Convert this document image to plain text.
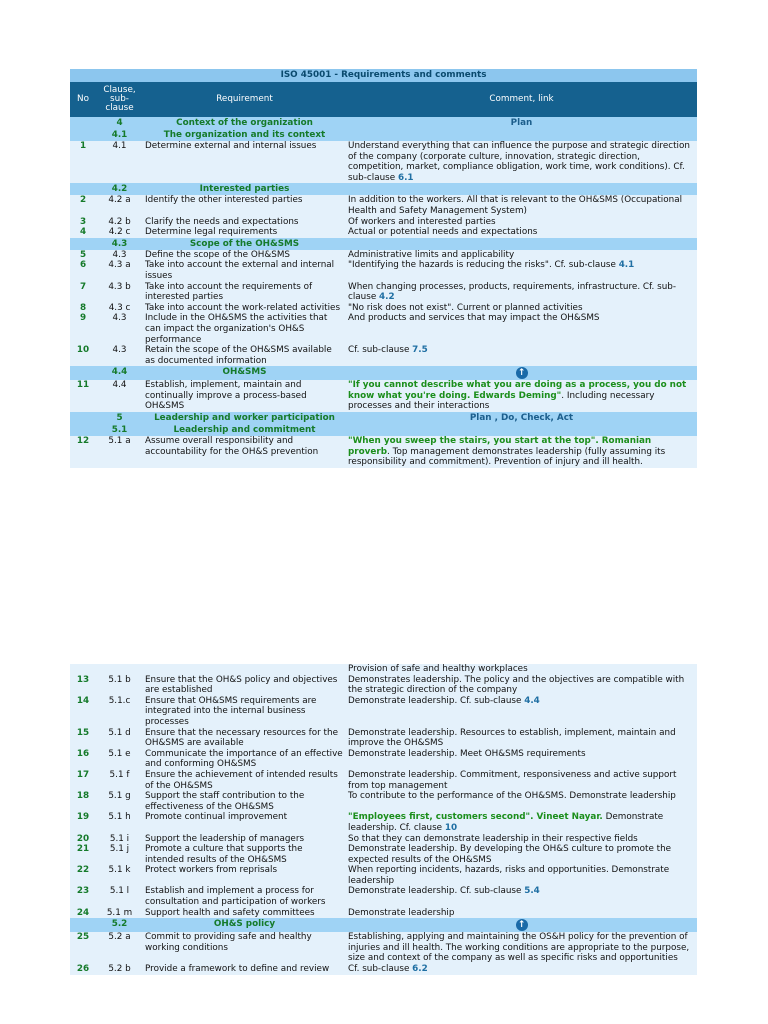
ISO 45001 - Requirements and comments			
No	Clause, sub- clause	Requirement	Comment, link
	4	Context of the organization	Plan
	4.1	The organization and its context	
1	4.1	Determine external and internal issues	Understand everything that can influence the purpose and strategic direction of the company (corporate culture, innovation, strategic direction, competition, market, compliance obligation, work time, work conditions). Cf. sub-clause 6.1
	4.2	Interested parties	
2	4.2 a	Identify the other interested parties	In addition to the workers. All that is relevant to the OH&SMS (Occupational Health and Safety Management System)
3	4.2 b	Clarify the needs and expectations	Of workers and interested parties
4	4.2 c	Determine legal requirements	Actual or potential needs and expectations
	4.3	Scope of the OH&SMS	
5	4.3	Define the scope of the OH&SMS	Administrative limits and applicability
6	4.3 a	Take into account the external and internal issues	"Identifying the hazards is reducing the risks". Cf. sub-clause 4.1
7	4.3 b	Take into account the requirements of interested parties	When changing processes, products, requirements, infrastructure. Cf. sub-clause 4.2
8	4.3 c	Take into account the work-related activities	"No risk does not exist". Current or planned activities
9	4.3	Include in the OH&SMS the activities that can impact the organization's OH&S performance	And products and services that may impact the OH&SMS
10	4.3	Retain the scope of the OH&SMS available as documented information	Cf. sub-clause 7.5
	4.4	OH&SMS	↑
11	4.4	Establish, implement, maintain and continually improve a process-based OH&SMS	"If you cannot describe what you are doing as a process, you do not know what you're doing. Edwards Deming". Including necessary processes and their interactions
	5	Leadership and worker participation	Plan , Do, Check, Act
	5.1	Leadership and commitment	
12	5.1 a	Assume overall responsibility and accountability for the OH&S prevention	"When you sweep the stairs, you start at the top". Romanian proverb. Top management demonstrates leadership (fully assuming its responsibility and commitment). Prevention of injury and ill health.
			Provision of safe and healthy workplaces
13	5.1 b	Ensure that the OH&S policy and objectives are established	Demonstrates leadership. The policy and the objectives are compatible with the strategic direction of the company
14	5.1.c	Ensure that OH&SMS requirements are integrated into the internal business processes	Demonstrate leadership. Cf. sub-clause 4.4
15	5.1 d	Ensure that the necessary resources for the OH&SMS are available	Demonstrate leadership. Resources to establish, implement, maintain and improve the OH&SMS
16	5.1 e	Communicate the importance of an effective and conforming OH&SMS	Demonstrate leadership. Meet OH&SMS requirements
17	5.1 f	Ensure the achievement of intended results of the OH&SMS	Demonstrate leadership. Commitment, responsiveness and active support from top management
18	5.1 g	Support the staff contribution to the effectiveness of the OH&SMS	To contribute to the performance of the OH&SMS. Demonstrate leadership
19	5.1 h	Promote continual improvement	"Employees first, customers second". Vineet Nayar. Demonstrate leadership. Cf. clause 10
20	5.1 i	Support the leadership of managers	So that they can demonstrate leadership in their respective fields
21	5.1 j	Promote a culture that supports the intended results of the OH&SMS	Demonstrate leadership. By developing the OH&S culture to promote the expected results of the OH&SMS
22	5.1 k	Protect workers from reprisals	When reporting incidents, hazards, risks and opportunities. Demonstrate leadership
23	5.1 l	Establish and implement a process for consultation and participation of workers	Demonstrate leadership. Cf. sub-clause 5.4
24	5.1 m	Support health and safety committees	Demonstrate leadership
	5.2	OH&S policy	↑
25	5.2 a	Commit to providing safe and healthy working conditions	Establishing, applying and maintaining the OS&H policy for the prevention of injuries and ill health. The working conditions are appropriate to the purpose, size and context of the company as well as specific risks and opportunities
26	5.2 b	Provide a framework to define and review	Cf. sub-clause 6.2
